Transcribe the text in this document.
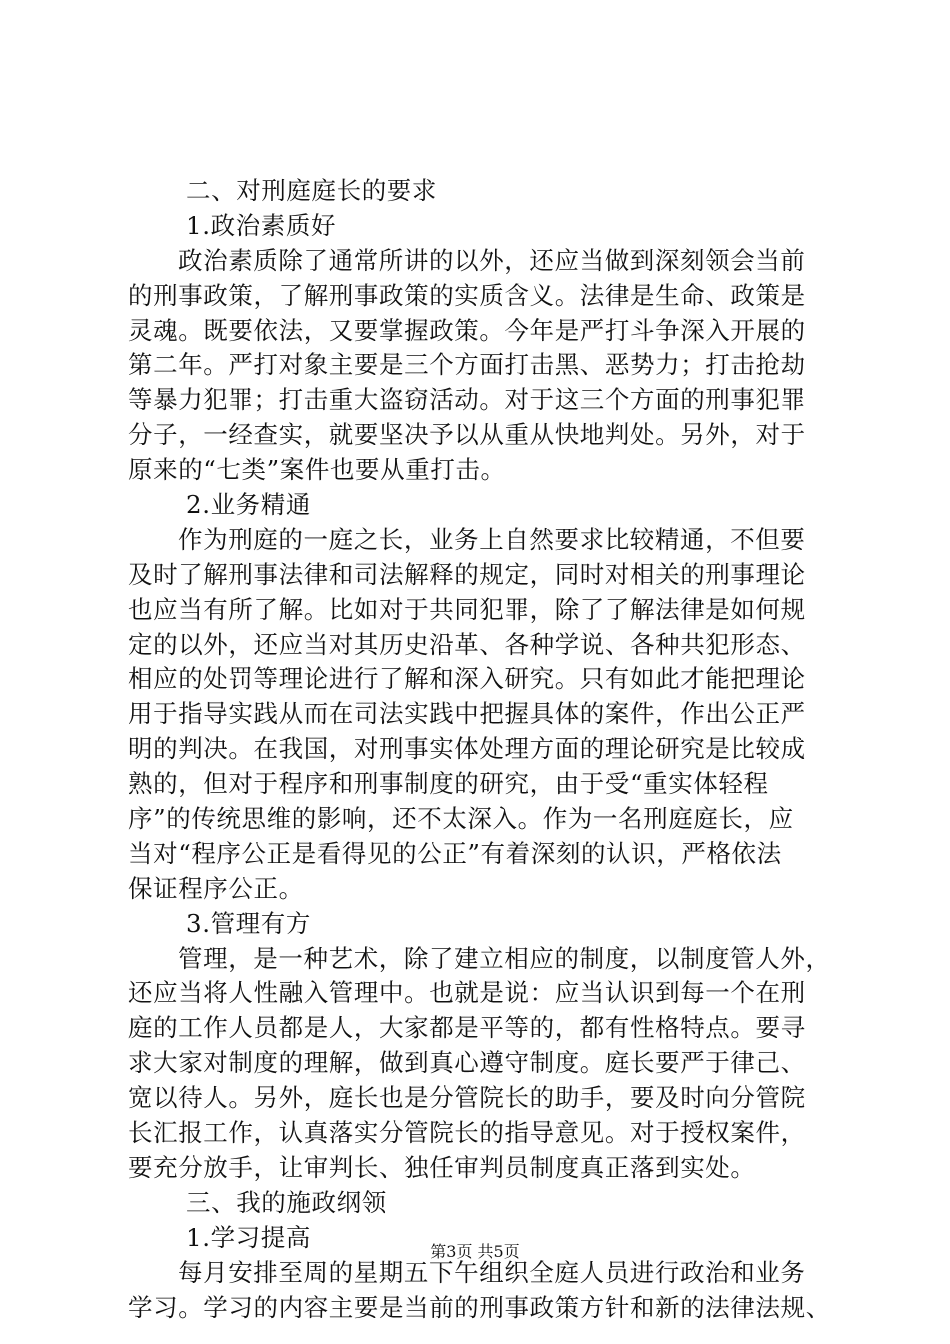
二、对刑庭庭长的要求
1.政治素质好
政治素质除了通常所讲的以外，还应当做到深刻领会当前
的刑事政策，了解刑事政策的实质含义。法律是生命、政策是
灵魂。既要依法，又要掌握政策。今年是严打斗争深入开展的
第二年。严打对象主要是三个方面打击黑、恶势力；打击抢劫
等暴力犯罪；打击重大盗窃活动。对于这三个方面的刑事犯罪
分子，一经查实，就要坚决予以从重从快地判处。另外，对于
原来的“七类”案件也要从重打击。
2.业务精通
作为刑庭的一庭之长，业务上自然要求比较精通，不但要
及时了解刑事法律和司法解释的规定，同时对相关的刑事理论
也应当有所了解。比如对于共同犯罪，除了了解法律是如何规
定的以外，还应当对其历史沿革、各种学说、各种共犯形态、
相应的处罚等理论进行了解和深入研究。只有如此才能把理论
用于指导实践从而在司法实践中把握具体的案件，作出公正严
明的判决。在我国，对刑事实体处理方面的理论研究是比较成
熟的，但对于程序和刑事制度的研究，由于受“重实体轻程
序”的传统思维的影响，还不太深入。作为一名刑庭庭长，应
当对“程序公正是看得见的公正”有着深刻的认识，严格依法
保证程序公正。
3.管理有方
管理，是一种艺术，除了建立相应的制度，以制度管人外，
还应当将人性融入管理中。也就是说：应当认识到每一个在刑
庭的工作人员都是人，大家都是平等的，都有性格特点。要寻
求大家对制度的理解，做到真心遵守制度。庭长要严于律己、
宽以待人。另外，庭长也是分管院长的助手，要及时向分管院
长汇报工作，认真落实分管院长的指导意见。对于授权案件，
要充分放手，让审判长、独任审判员制度真正落到实处。
三、我的施政纲领
1.学习提高
每月安排至周的星期五下午组织全庭人员进行政治和业务
学习。学习的内容主要是当前的刑事政策方针和新的法律法规、
第3页 共5页
